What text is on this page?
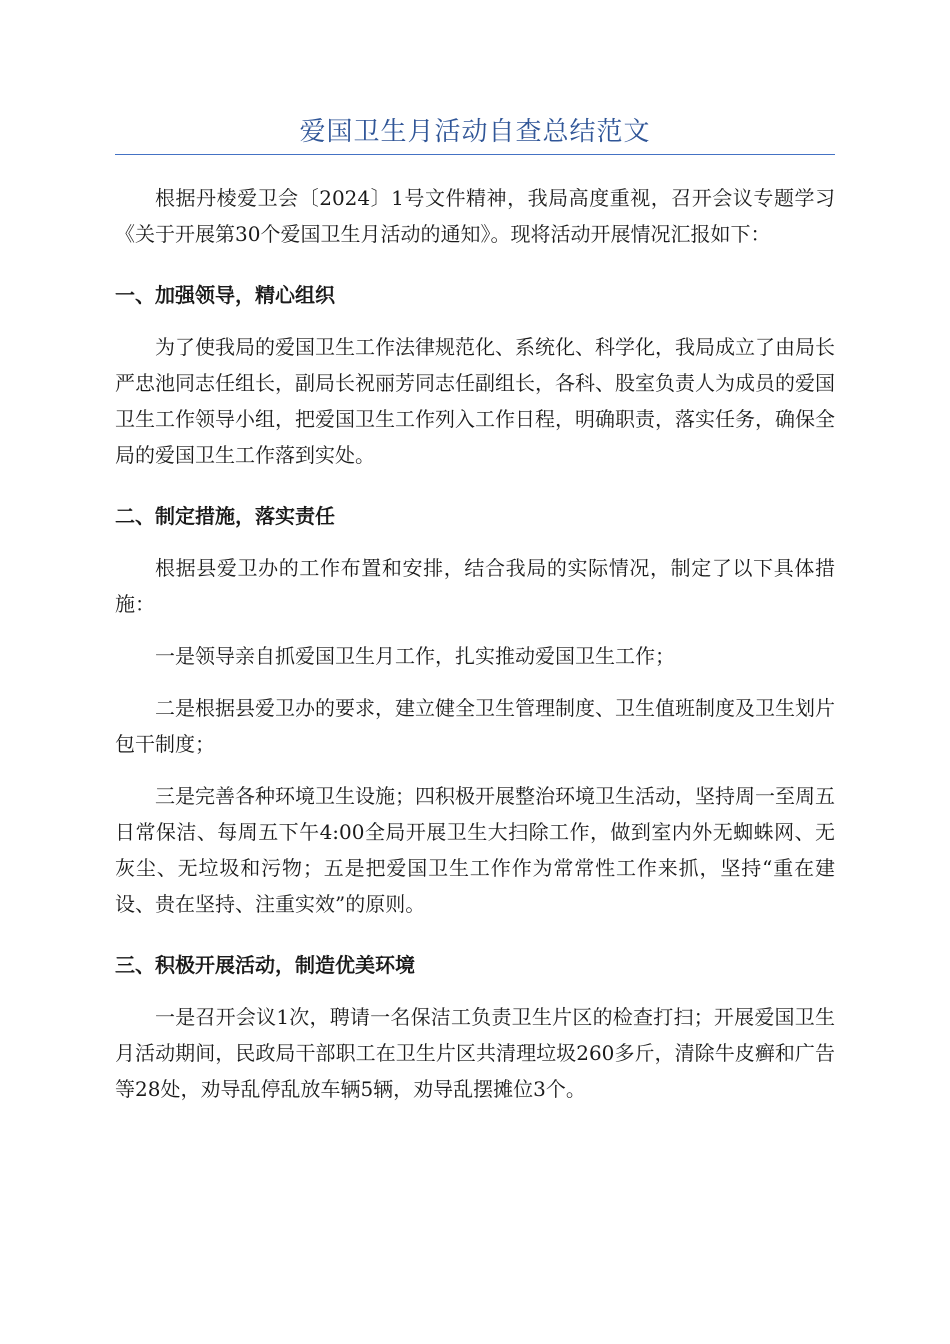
爱国卫生月活动自查总结范文

根据丹棱爱卫会〔2024〕1号文件精神，我局高度重视，召开会议专题学习《关于开展第30个爱国卫生月活动的通知》。现将活动开展情况汇报如下：

一、加强领导，精心组织

为了使我局的爱国卫生工作法律规范化、系统化、科学化，我局成立了由局长严忠池同志任组长，副局长祝丽芳同志任副组长，各科、股室负责人为成员的爱国卫生工作领导小组，把爱国卫生工作列入工作日程，明确职责，落实任务，确保全局的爱国卫生工作落到实处。

二、制定措施，落实责任

根据县爱卫办的工作布置和安排，结合我局的实际情况，制定了以下具体措施：

一是领导亲自抓爱国卫生月工作，扎实推动爱国卫生工作；

二是根据县爱卫办的要求，建立健全卫生管理制度、卫生值班制度及卫生划片包干制度；

三是完善各种环境卫生设施；四积极开展整治环境卫生活动，坚持周一至周五日常保洁、每周五下午4:00全局开展卫生大扫除工作，做到室内外无蜘蛛网、无灰尘、无垃圾和污物；五是把爱国卫生工作作为常常性工作来抓，坚持“重在建设、贵在坚持、注重实效”的原则。

三、积极开展活动，制造优美环境

一是召开会议1次，聘请一名保洁工负责卫生片区的检查打扫；开展爱国卫生月活动期间，民政局干部职工在卫生片区共清理垃圾260多斤，清除牛皮癣和广告等28处，劝导乱停乱放车辆5辆，劝导乱摆摊位3个。
